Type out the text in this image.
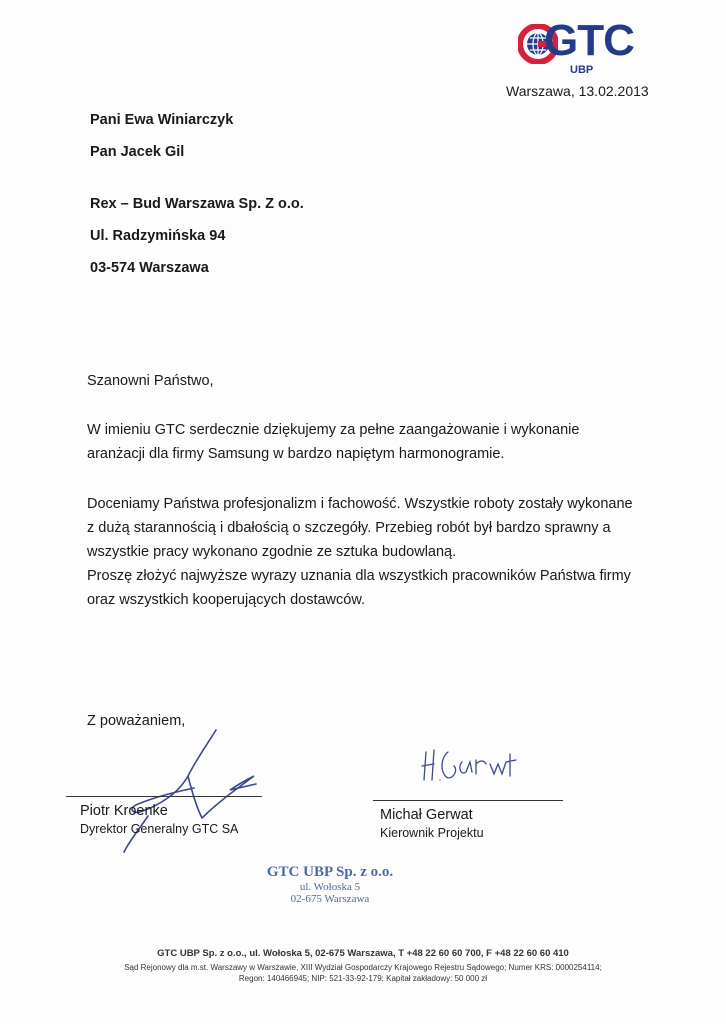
GTC
UBP
Warszawa, 13.02.2013
Pani Ewa Winiarczyk
Pan Jacek Gil
Rex – Bud Warszawa Sp. Z o.o.
Ul. Radzymińska 94
03-574 Warszawa
Szanowni Państwo,

W imieniu GTC serdecznie dziękujemy za pełne zaangażowanie i wykonanie

aranżacji dla firmy Samsung w bardzo napiętym harmonogramie.

Doceniamy Państwa profesjonalizm i fachowość. Wszystkie roboty zostały wykonane

z dużą starannością i dbałością o szczegóły. Przebieg robót był bardzo sprawny a

wszystkie pracy wykonano zgodnie ze sztuka budowlaną.

Proszę złożyć najwyższe wyrazy uznania dla wszystkich pracowników Państwa firmy

oraz wszystkich kooperujących dostawców.

Z poważaniem,
Piotr Kroenke
Dyrektor Generalny GTC SA
Michał Gerwat
Kierownik Projektu
GTC UBP Sp. z o.o.
ul. Wołoska 5
02-675 Warszawa
GTC UBP Sp. z o.o., ul. Wołoska 5, 02-675 Warszawa, T +48 22 60 60 700, F +48 22 60 60 410
Sąd Rejonowy dla m.st. Warszawy w Warszawie, XIII Wydział Gospodarczy Krajowego Rejestru Sądowego; Numer KRS: 0000254114;
Regon: 140466945; NIP: 521-33-92-179; Kapitał zakładowy: 50 000 zł
